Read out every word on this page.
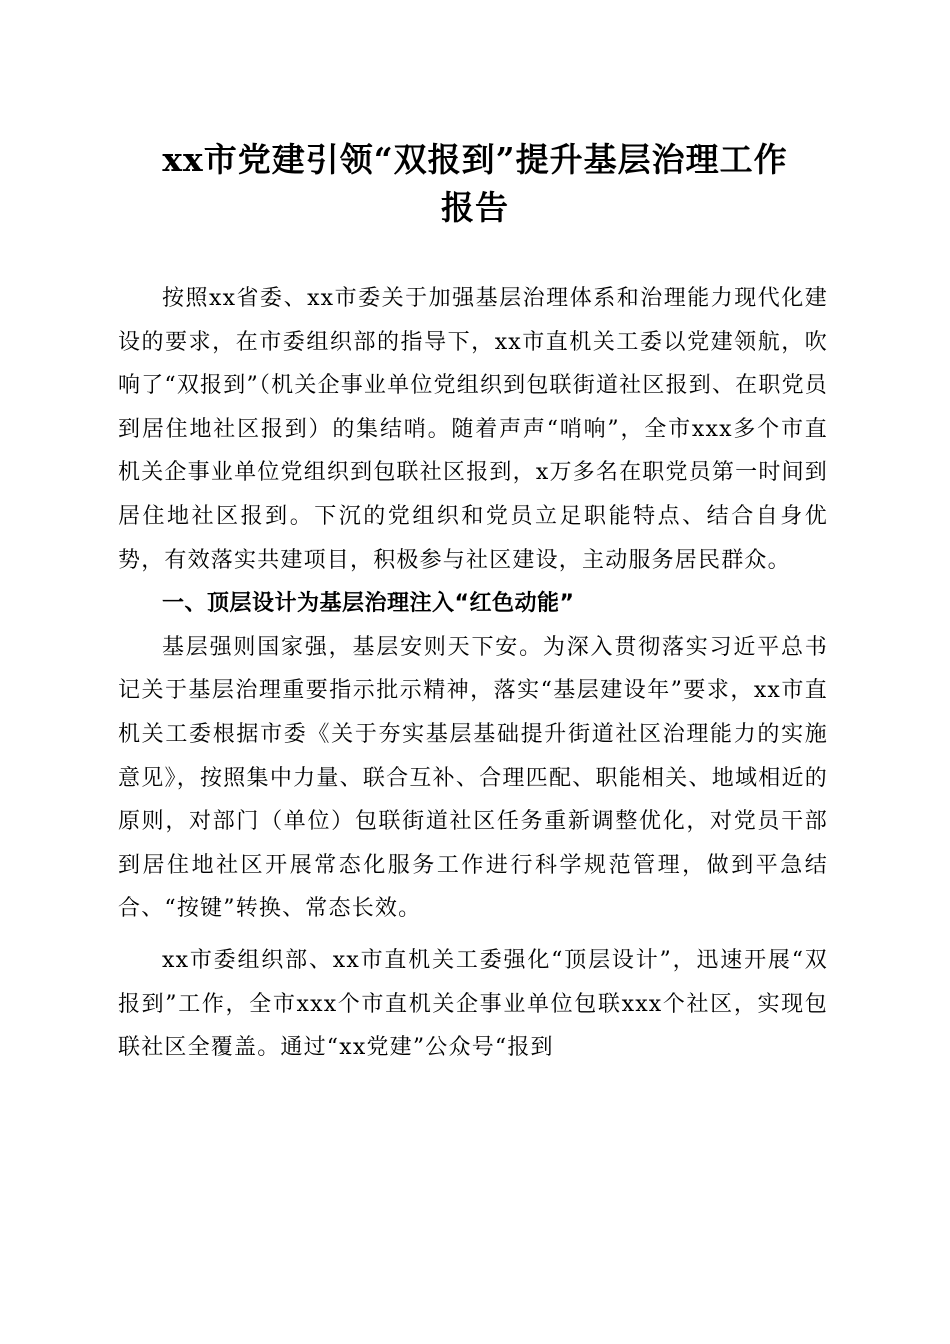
xx市党建引领“双报到”提升基层治理工作
报告

按照xx省委、xx市委关于加强基层治理体系和治理能力现代化建设的要求，在市委组织部的指导下，xx市直机关工委以党建领航，吹响了“双报到”（机关企事业单位党组织到包联街道社区报到、在职党员到居住地社区报到）的集结哨。随着声声“哨响”，全市xxx多个市直机关企事业单位党组织到包联社区报到，x万多名在职党员第一时间到居住地社区报到。下沉的党组织和党员立足职能特点、结合自身优势，有效落实共建项目，积极参与社区建设，主动服务居民群众。

一、顶层设计为基层治理注入“红色动能”

基层强则国家强，基层安则天下安。为深入贯彻落实习近平总书记关于基层治理重要指示批示精神，落实“基层建设年”要求，xx市直机关工委根据市委《关于夯实基层基础提升街道社区治理能力的实施意见》，按照集中力量、联合互补、合理匹配、职能相关、地域相近的原则，对部门（单位）包联街道社区任务重新调整优化，对党员干部到居住地社区开展常态化服务工作进行科学规范管理，做到平急结合、“按键”转换、常态长效。

xx市委组织部、xx市直机关工委强化“顶层设计”，迅速开展“双报到”工作，全市xxx个市直机关企事业单位包联xxx个社区，实现包联社区全覆盖。通过“xx党建”公众号“报到
